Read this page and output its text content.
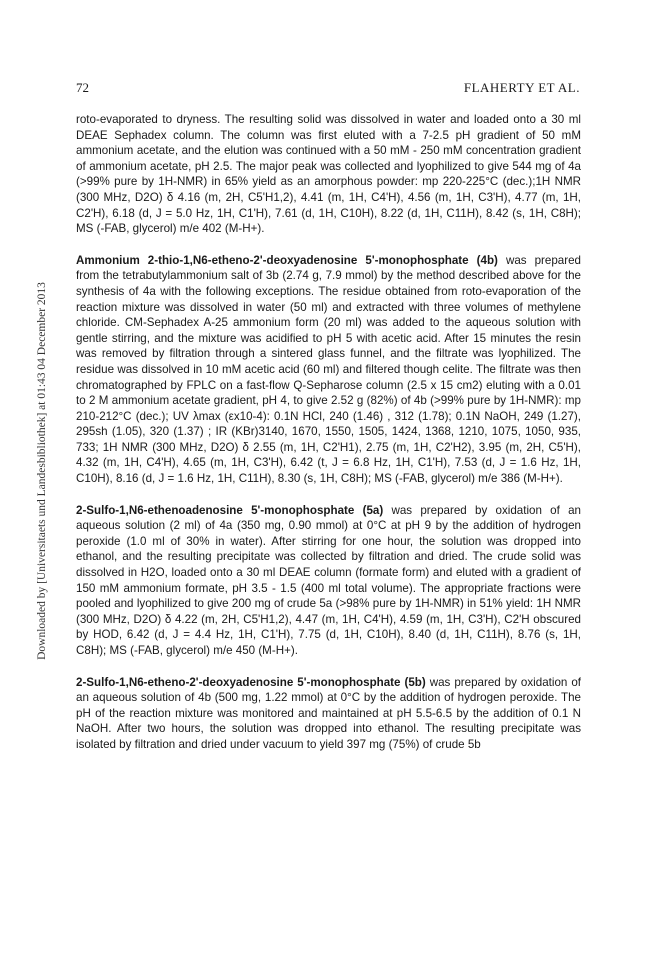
72	FLAHERTY ET AL.
Downloaded by [Universitaets und Landesbibliothek] at 01:43 04 December 2013

roto-evaporated to dryness. The resulting solid was dissolved in water and loaded onto a 30 ml DEAE Sephadex column. The column was first eluted with a 7-2.5 pH gradient of 50 mM ammonium acetate, and the elution was continued with a 50 mM - 250 mM concentration gradient of ammonium acetate, pH 2.5. The major peak was collected and lyophilized to give 544 mg of 4a (>99% pure by 1H-NMR) in 65% yield as an amorphous powder: mp 220-225°C (dec.);1H NMR (300 MHz, D2O) δ 4.16 (m, 2H, C5'H1,2), 4.41 (m, 1H, C4'H), 4.56 (m, 1H, C3'H), 4.77 (m, 1H, C2'H), 6.18 (d, J = 5.0 Hz, 1H, C1'H), 7.61 (d, 1H, C10H), 8.22 (d, 1H, C11H), 8.42 (s, 1H, C8H); MS (-FAB, glycerol) m/e 402 (M-H+).

Ammonium 2-thio-1,N6-etheno-2'-deoxyadenosine 5'-monophosphate (4b) was prepared from the tetrabutylammonium salt of 3b (2.74 g, 7.9 mmol) by the method described above for the synthesis of 4a with the following exceptions. The residue obtained from roto-evaporation of the reaction mixture was dissolved in water (50 ml) and extracted with three volumes of methylene chloride. CM-Sephadex A-25 ammonium form (20 ml) was added to the aqueous solution with gentle stirring, and the mixture was acidified to pH 5 with acetic acid. After 15 minutes the resin was removed by filtration through a sintered glass funnel, and the filtrate was lyophilized. The residue was dissolved in 10 mM acetic acid (60 ml) and filtered though celite. The filtrate was then chromatographed by FPLC on a fast-flow Q-Sepharose column (2.5 x 15 cm2) eluting with a 0.01 to 2 M ammonium acetate gradient, pH 4, to give 2.52 g (82%) of 4b (>99% pure by 1H-NMR): mp 210-212°C (dec.); UV λmax (εx10-4): 0.1N HCl, 240 (1.46) , 312 (1.78); 0.1N NaOH, 249 (1.27), 295sh (1.05), 320 (1.37) ; IR (KBr)3140, 1670, 1550, 1505, 1424, 1368, 1210, 1075, 1050, 935, 733; 1H NMR (300 MHz, D2O) δ 2.55 (m, 1H, C2'H1), 2.75 (m, 1H, C2'H2), 3.95 (m, 2H, C5'H), 4.32 (m, 1H, C4'H), 4.65 (m, 1H, C3'H), 6.42 (t, J = 6.8 Hz, 1H, C1'H), 7.53 (d, J = 1.6 Hz, 1H, C10H), 8.16 (d, J = 1.6 Hz, 1H, C11H), 8.30 (s, 1H, C8H); MS (-FAB, glycerol) m/e 386 (M-H+).

2-Sulfo-1,N6-ethenoadenosine 5'-monophosphate (5a) was prepared by oxidation of an aqueous solution (2 ml) of 4a (350 mg, 0.90 mmol) at 0°C at pH 9 by the addition of hydrogen peroxide (1.0 ml of 30% in water). After stirring for one hour, the solution was dropped into ethanol, and the resulting precipitate was collected by filtration and dried. The crude solid was dissolved in H2O, loaded onto a 30 ml DEAE column (formate form) and eluted with a gradient of 150 mM ammonium formate, pH 3.5 - 1.5 (400 ml total volume). The appropriate fractions were pooled and lyophilized to give 200 mg of crude 5a (>98% pure by 1H-NMR) in 51% yield: 1H NMR (300 MHz, D2O) δ 4.22 (m, 2H, C5'H1,2), 4.47 (m, 1H, C4'H), 4.59 (m, 1H, C3'H), C2'H obscured by HOD, 6.42 (d, J = 4.4 Hz, 1H, C1'H), 7.75 (d, 1H, C10H), 8.40 (d, 1H, C11H), 8.76 (s, 1H, C8H); MS (-FAB, glycerol) m/e 450 (M-H+).

2-Sulfo-1,N6-etheno-2'-deoxyadenosine 5'-monophosphate (5b) was prepared by oxidation of an aqueous solution of 4b (500 mg, 1.22 mmol) at 0°C by the addition of hydrogen peroxide. The pH of the reaction mixture was monitored and maintained at pH 5.5-6.5 by the addition of 0.1 N NaOH. After two hours, the solution was dropped into ethanol. The resulting precipitate was isolated by filtration and dried under vacuum to yield 397 mg (75%) of crude 5b
